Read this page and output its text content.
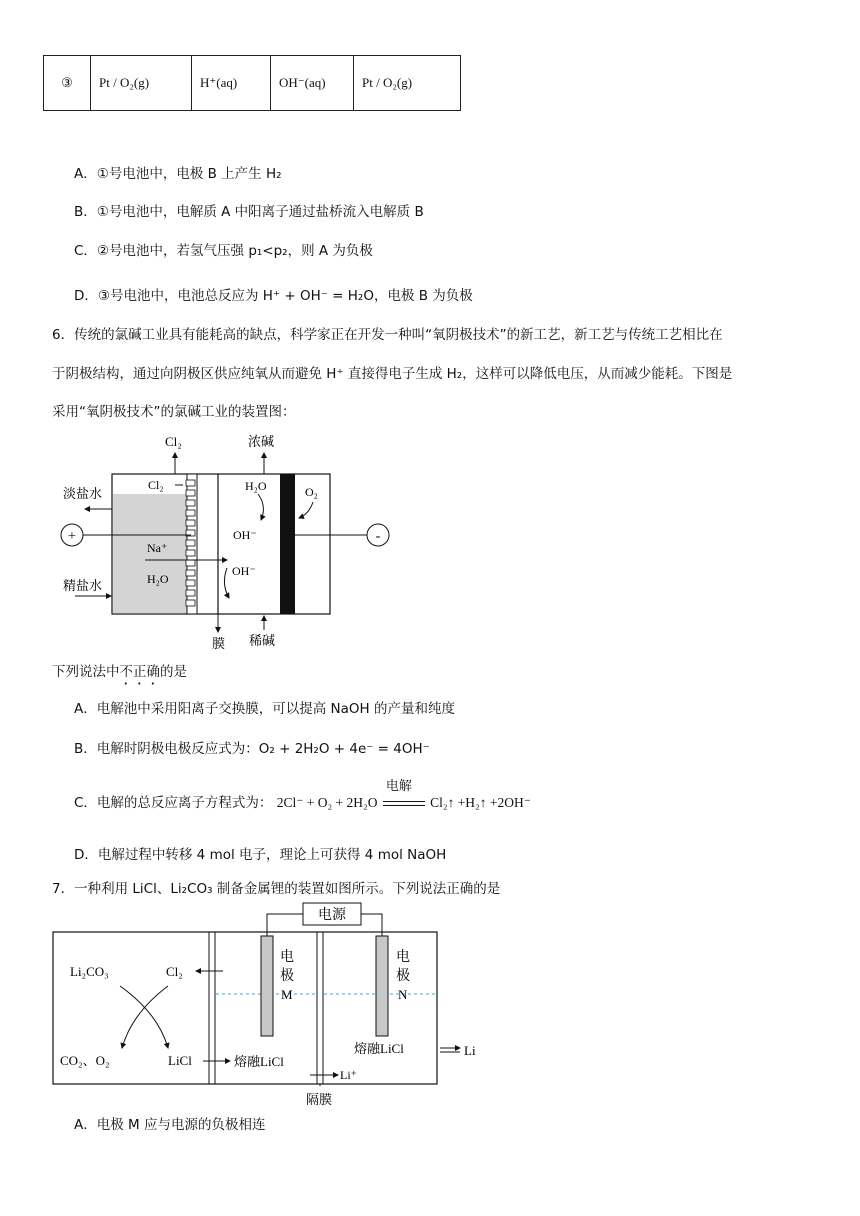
③	Pt / O₂(g)	H⁺(aq)	OH⁻(aq)	Pt / O₂(g)
A．①号电池中，电极 B 上产生 H₂
B．①号电池中，电解质 A 中阳离子通过盐桥流入电解质 B
C．②号电池中，若氢气压强 p₁<p₂，则 A 为负极
D．③号电池中，电池总反应为 H⁺ + OH⁻ = H₂O，电极 B 为负极
6．传统的氯碱工业具有能耗高的缺点，科学家正在开发一种叫“氧阴极技术”的新工艺，新工艺与传统工艺相比在
于阴极结构，通过向阴极区供应纯氧从而避免 H⁺ 直接得电子生成 H₂，这样可以降低电压，从而减少能耗。下图是
采用“氧阴极技术”的氯碱工业的装置图：
+	-
Cl₂	浓碱
淡盐水
Cl₂	H₂O	O₂
OH⁻
Na⁺
H₂O
OH⁻
精盐水
膜 稀碱
下列说法中不正确的是
A．电解池中采用阳离子交换膜，可以提高 NaOH 的产量和纯度
B．电解时阴极电极反应式为：O₂ + 2H₂O + 4e⁻ = 4OH⁻
C．电解的总反应离子方程式为： 2Cl⁻ + O₂ + 2H₂O
电解
Cl₂↑ +H₂↑ +2OH⁻
D．电解过程中转移 4 mol 电子，理论上可获得 4 mol NaOH
7．一种利用 LiCl、Li₂CO₃ 制备金属锂的装置如图所示。下列说法正确的是
电源
电
极
M
电
极
N
Li₂CO₃	Cl₂
CO₂、O₂	LiCl	熔融LiCl
熔融LiCl	Li
Li⁺
隔膜
A．电极 M 应与电源的负极相连
